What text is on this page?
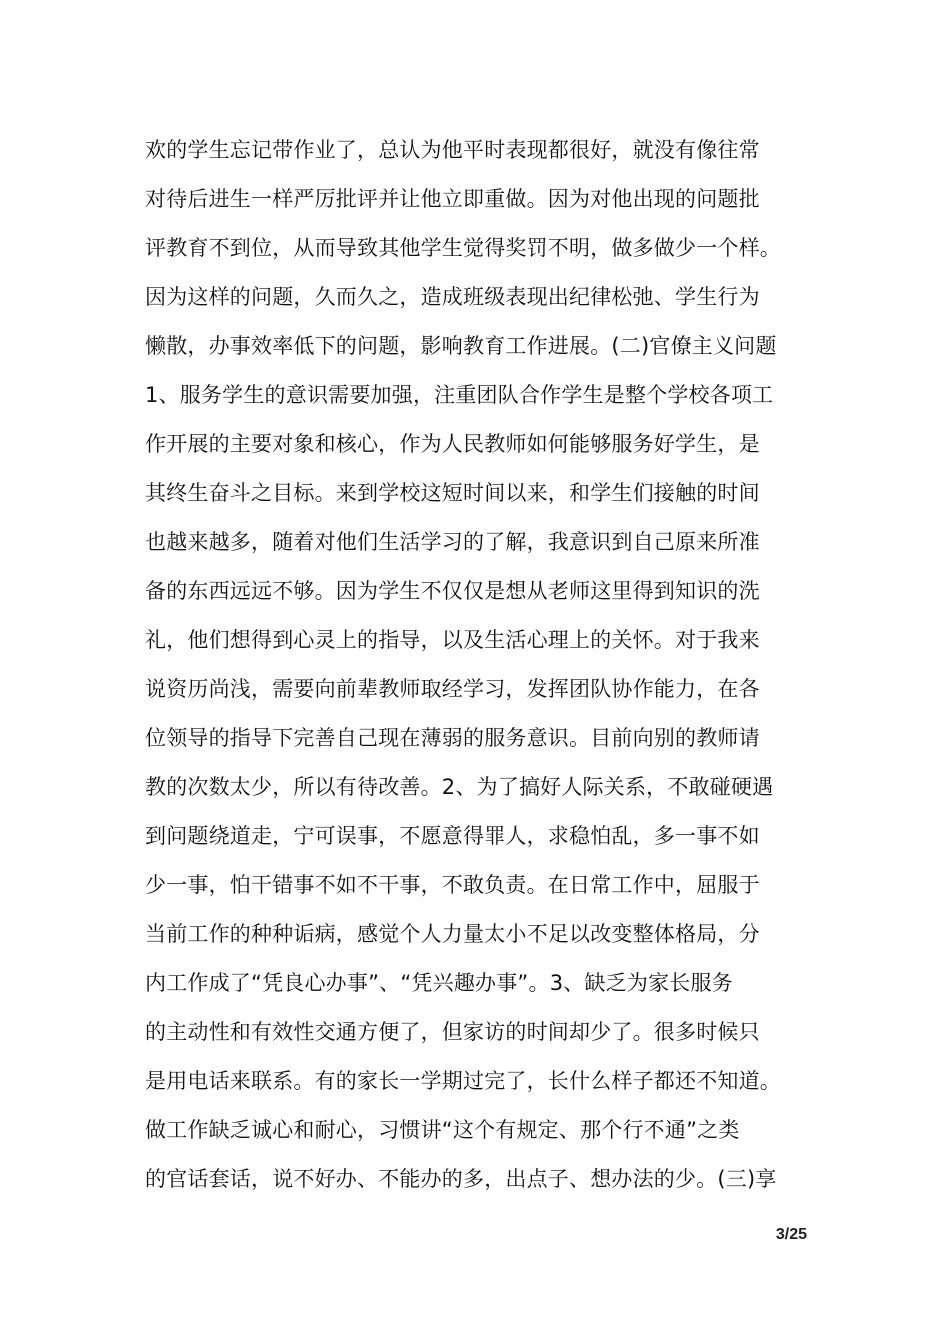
欢的学生忘记带作业了，总认为他平时表现都很好，就没有像往常
对待后进生一样严厉批评并让他立即重做。因为对他出现的问题批
评教育不到位，从而导致其他学生觉得奖罚不明，做多做少一个样。
因为这样的问题，久而久之，造成班级表现出纪律松弛、学生行为
懒散，办事效率低下的问题，影响教育工作进展。(二)官僚主义问题
1、服务学生的意识需要加强，注重团队合作学生是整个学校各项工
作开展的主要对象和核心，作为人民教师如何能够服务好学生，是
其终生奋斗之目标。来到学校这短时间以来，和学生们接触的时间
也越来越多，随着对他们生活学习的了解，我意识到自己原来所准
备的东西远远不够。因为学生不仅仅是想从老师这里得到知识的洗
礼，他们想得到心灵上的指导，以及生活心理上的关怀。对于我来
说资历尚浅，需要向前辈教师取经学习，发挥团队协作能力，在各
位领导的指导下完善自己现在薄弱的服务意识。目前向别的教师请
教的次数太少，所以有待改善。2、为了搞好人际关系，不敢碰硬遇
到问题绕道走，宁可误事，不愿意得罪人，求稳怕乱，多一事不如
少一事，怕干错事不如不干事，不敢负责。在日常工作中，屈服于
当前工作的种种诟病，感觉个人力量太小不足以改变整体格局，分
内工作成了“凭良心办事”、“凭兴趣办事”。3、缺乏为家长服务
的主动性和有效性交通方便了，但家访的时间却少了。很多时候只
是用电话来联系。有的家长一学期过完了，长什么样子都还不知道。
做工作缺乏诚心和耐心，习惯讲“这个有规定、那个行不通”之类
的官话套话，说不好办、不能办的多，出点子、想办法的少。(三)享
3/25
